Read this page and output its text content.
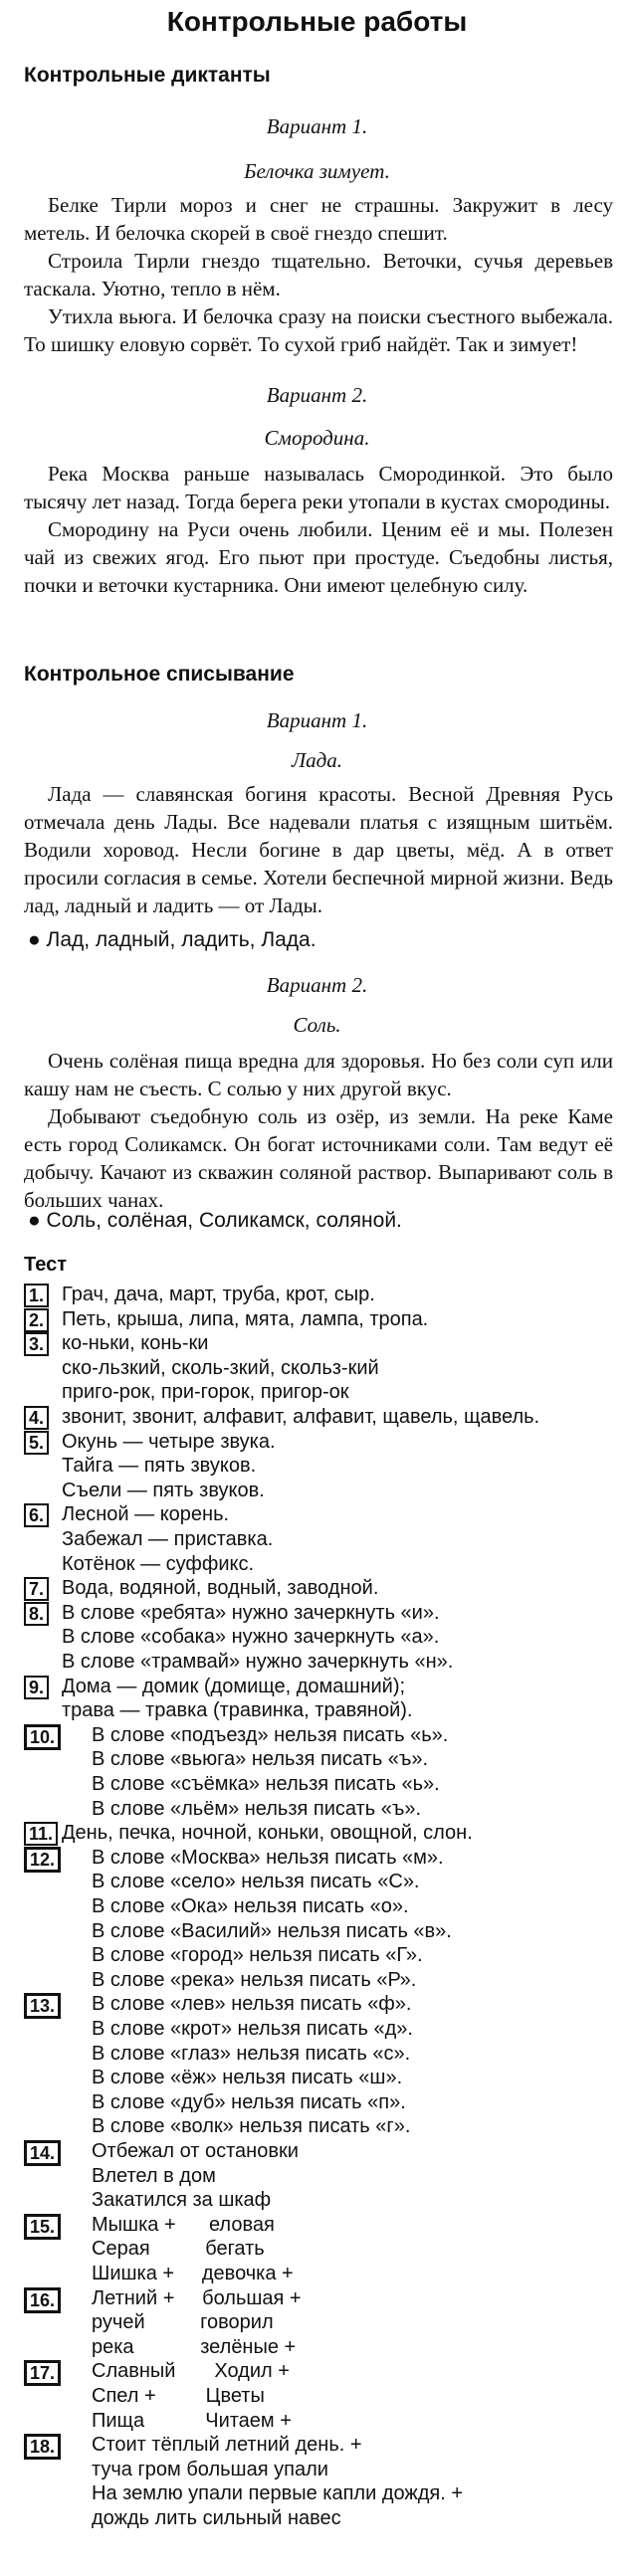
Контрольные работы
Контрольные диктанты
Вариант 1.
Белочка зимует.

Белке Тирли мороз и снег не страшны. Закружит в лесу метель. И белочка скорей в своё гнездо спешит.

Строила Тирли гнездо тщательно. Веточки, сучья деревьев таскала. Уютно, тепло в нём.

Утихла вьюга. И белочка сразу на поиски съестного выбежала. То шишку еловую сорвёт. То сухой гриб найдёт. Так и зимует!

Вариант 2.
Смородина.

Река Москва раньше называлась Смородинкой. Это было тысячу лет назад. Тогда берега реки утопали в кустах смородины.

Смородину на Руси очень любили. Ценим её и мы. Полезен чай из свежих ягод. Его пьют при простуде. Съедобны листья, почки и веточки кустарника. Они имеют целебную силу.

Контрольное списывание
Вариант 1.
Лада.

Лада — славянская богиня красоты. Весной Древняя Русь отмечала день Лады. Все надевали платья с изящным шитьём. Водили хоровод. Несли богине в дар цветы, мёд. А в ответ просили согласия в семье. Хотели беспечной мирной жизни. Ведь лад, ладный и ладить — от Лады.

● Лад, ладный, ладить, Лада.
Вариант 2.
Соль.

Очень солёная пища вредна для здоровья. Но без соли суп или кашу нам не съесть. С солью у них другой вкус.

Добывают съедобную соль из озёр, из земли. На реке Каме есть город Соликамск. Он богат источниками соли. Там ведут её добычу. Качают из скважин соляной раствор. Выпаривают соль в больших чанах.

● Соль, солёная, Соликамск, соляной.
Тест
1. Грач, дача, март, труба, крот, сыр.
2. Петь, крыша, липа, мята, лампа, тропа.
3. ко-ньки, конь-ки
ско-льзкий, сколь-зкий, скольз-кий
приго-рок, при-горок, пригор-ок
4. звонит, звонит, алфавит, алфавит, щавель, щавель.
5. Окунь — четыре звука.
Тайга — пять звуков.
Съели — пять звуков.
6. Лесной — корень.
Забежал — приставка.
Котёнок — суффикс.
7. Вода, водяной, водный, заводной.
8. В слове «ребята» нужно зачеркнуть «и».
В слове «собака» нужно зачеркнуть «а».
В слове «трамвай» нужно зачеркнуть «н».
9. Дома — домик (домище, домашний);
трава — травка (травинка, травяной).
10.	В слове «подъезд» нельзя писать «ь».
В слове «вьюга» нельзя писать «ъ».
В слове «съёмка» нельзя писать «ь».
В слове «льём» нельзя писать «ъ».
11. День, печка, ночной, коньки, овощной, слон.
12.	В слове «Москва» нельзя писать «м».
В слове «село» нельзя писать «С».
В слове «Ока» нельзя писать «о».
В слове «Василий» нельзя писать «в».
В слове «город» нельзя писать «Г».
В слове «река» нельзя писать «Р».
13.	В слове «лев» нельзя писать «ф».
В слове «крот» нельзя писать «д».
В слове «глаз» нельзя писать «с».
В слове «ёж» нельзя писать «ш».
В слове «дуб» нельзя писать «п».
В слове «волк» нельзя писать «г».
14.	Отбежал от остановки
Влетел в дом
Закатился за шкаф
15.	Мышка +      еловая
Серая          бегать
Шишка +     девочка +
16.	Летний +     большая +
ручей          говорил
река            зелёные +
17.	Славный       Ходил +
Спел +         Цветы
Пища           Читаем +
18.	Стоит тёплый летний день. +
туча гром большая упали
На землю упали первые капли дождя. +
дождь лить сильный навес
